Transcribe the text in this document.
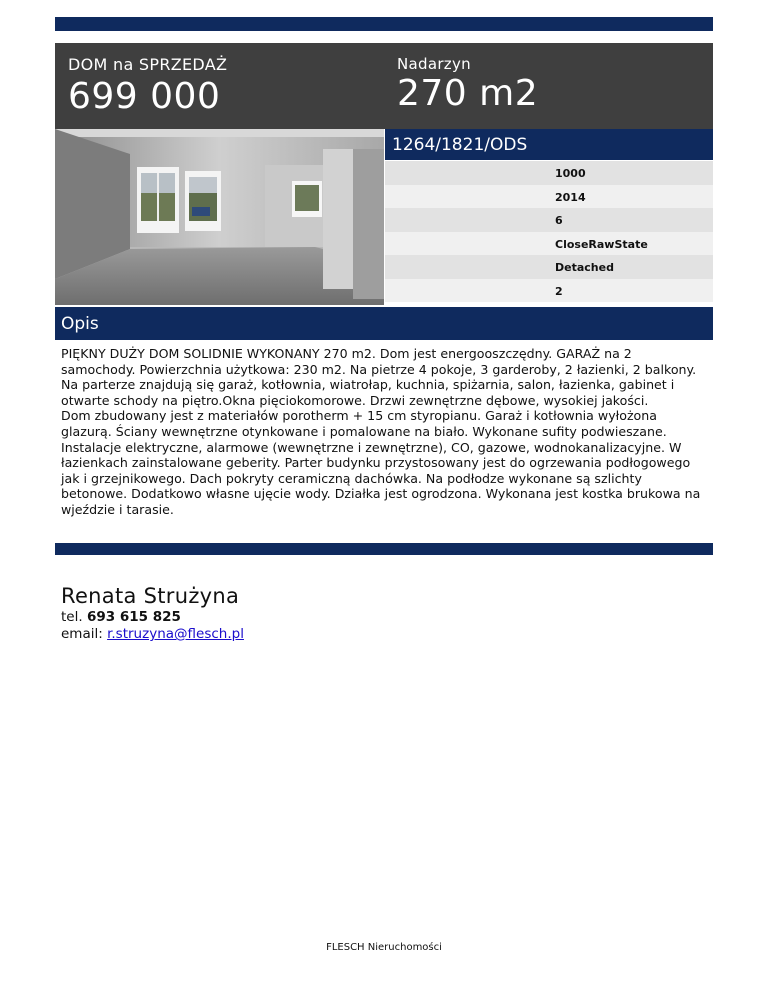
DOM na SPRZEDAŻ
699 000
Nadarzyn
270 m2
1264/1821/ODS
1000
2014
6
CloseRawState
Detached
2
Opis
PIĘKNY DUŻY DOM SOLIDNIE WYKONANY 270 m2. Dom jest energooszczędny. GARAŻ na 2 samochody. Powierzchnia użytkowa: 230 m2. Na pietrze 4 pokoje, 3 garderoby, 2 łazienki, 2 balkony. Na parterze znajdują się garaż, kotłownia, wiatrołap, kuchnia, spiżarnia, salon, łazienka, gabinet i otwarte schody na piętro.Okna pięciokomorowe. Drzwi zewnętrzne dębowe, wysokiej jakości.
Dom zbudowany jest z materiałów porotherm + 15 cm styropianu. Garaż i kotłownia wyłożona glazurą. Ściany wewnętrzne otynkowane i pomalowane na biało. Wykonane sufity podwieszane. Instalacje elektryczne, alarmowe (wewnętrzne i zewnętrzne), CO, gazowe, wodnokanalizacyjne. W łazienkach zainstalowane geberity. Parter budynku przystosowany jest do ogrzewania podłogowego jak i grzejnikowego. Dach pokryty ceramiczną dachówka. Na podłodze wykonane są szlichty betonowe. Dodatkowo własne ujęcie wody. Działka jest ogrodzona. Wykonana jest kostka brukowa na wjeździe i tarasie.
Renata Strużyna
tel. 693 615 825
email: r.struzyna@flesch.pl
FLESCH Nieruchomości
